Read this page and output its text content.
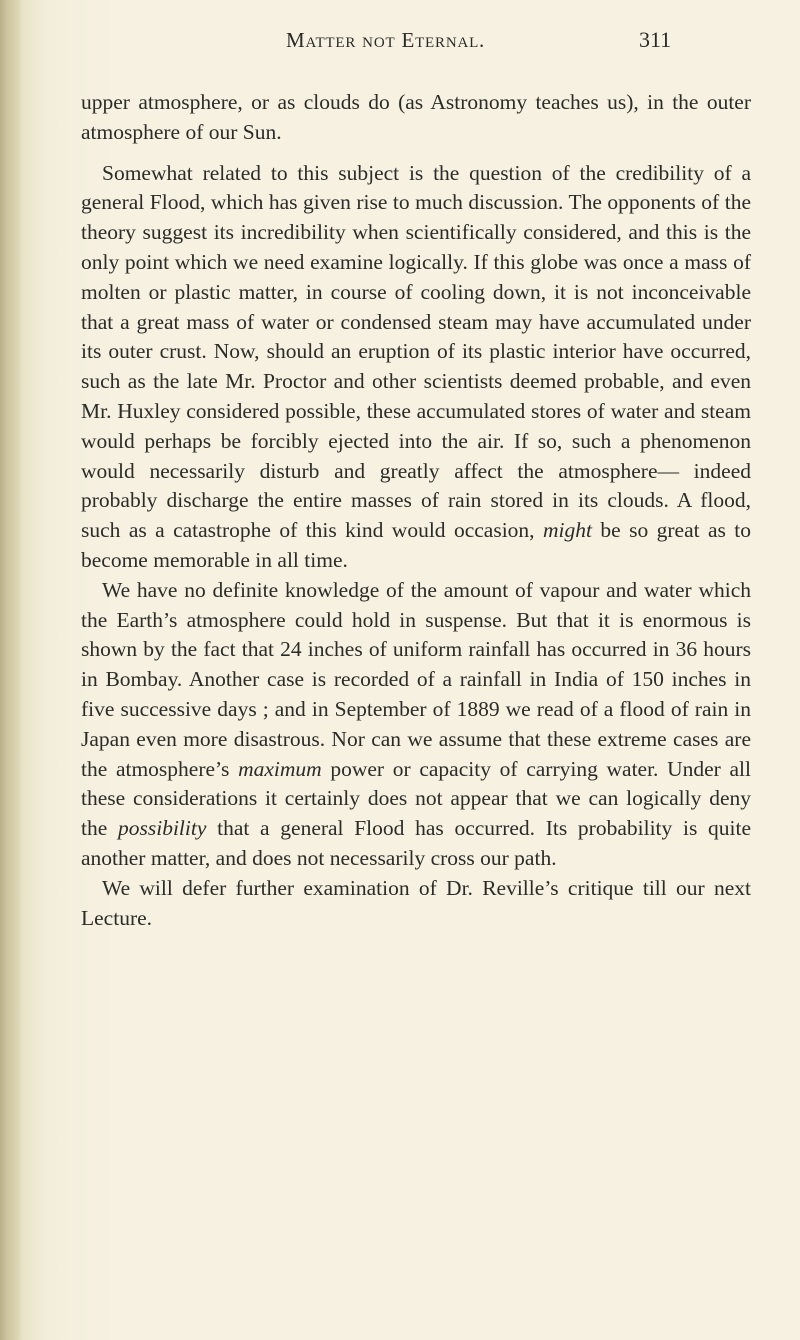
Matter not Eternal.	311

upper atmosphere, or as clouds do (as Astronomy teaches us), in the outer atmosphere of our Sun.

Somewhat related to this subject is the question of the credibility of a general Flood, which has given rise to much discussion. The opponents of the theory suggest its incredibility when scientifically considered, and this is the only point which we need examine logically. If this globe was once a mass of molten or plastic matter, in course of cooling down, it is not inconceivable that a great mass of water or condensed steam may have accumulated under its outer crust. Now, should an eruption of its plastic interior have occurred, such as the late Mr. Proctor and other scientists deemed probable, and even Mr. Huxley considered possible, these accumulated stores of water and steam would perhaps be forcibly ejected into the air. If so, such a phenomenon would necessarily disturb and greatly affect the atmosphere— indeed probably discharge the entire masses of rain stored in its clouds. A flood, such as a catastrophe of this kind would occasion, might be so great as to become memorable in all time.

We have no definite knowledge of the amount of vapour and water which the Earth’s atmosphere could hold in suspense. But that it is enormous is shown by the fact that 24 inches of uniform rainfall has occurred in 36 hours in Bombay. Another case is recorded of a rainfall in India of 150 inches in five successive days ; and in September of 1889 we read of a flood of rain in Japan even more disastrous. Nor can we assume that these extreme cases are the atmosphere’s maximum power or capacity of carrying water. Under all these considerations it certainly does not appear that we can logically deny the possibility that a general Flood has occurred. Its probability is quite another matter, and does not necessarily cross our path.

We will defer further examination of Dr. Reville’s critique till our next Lecture.
